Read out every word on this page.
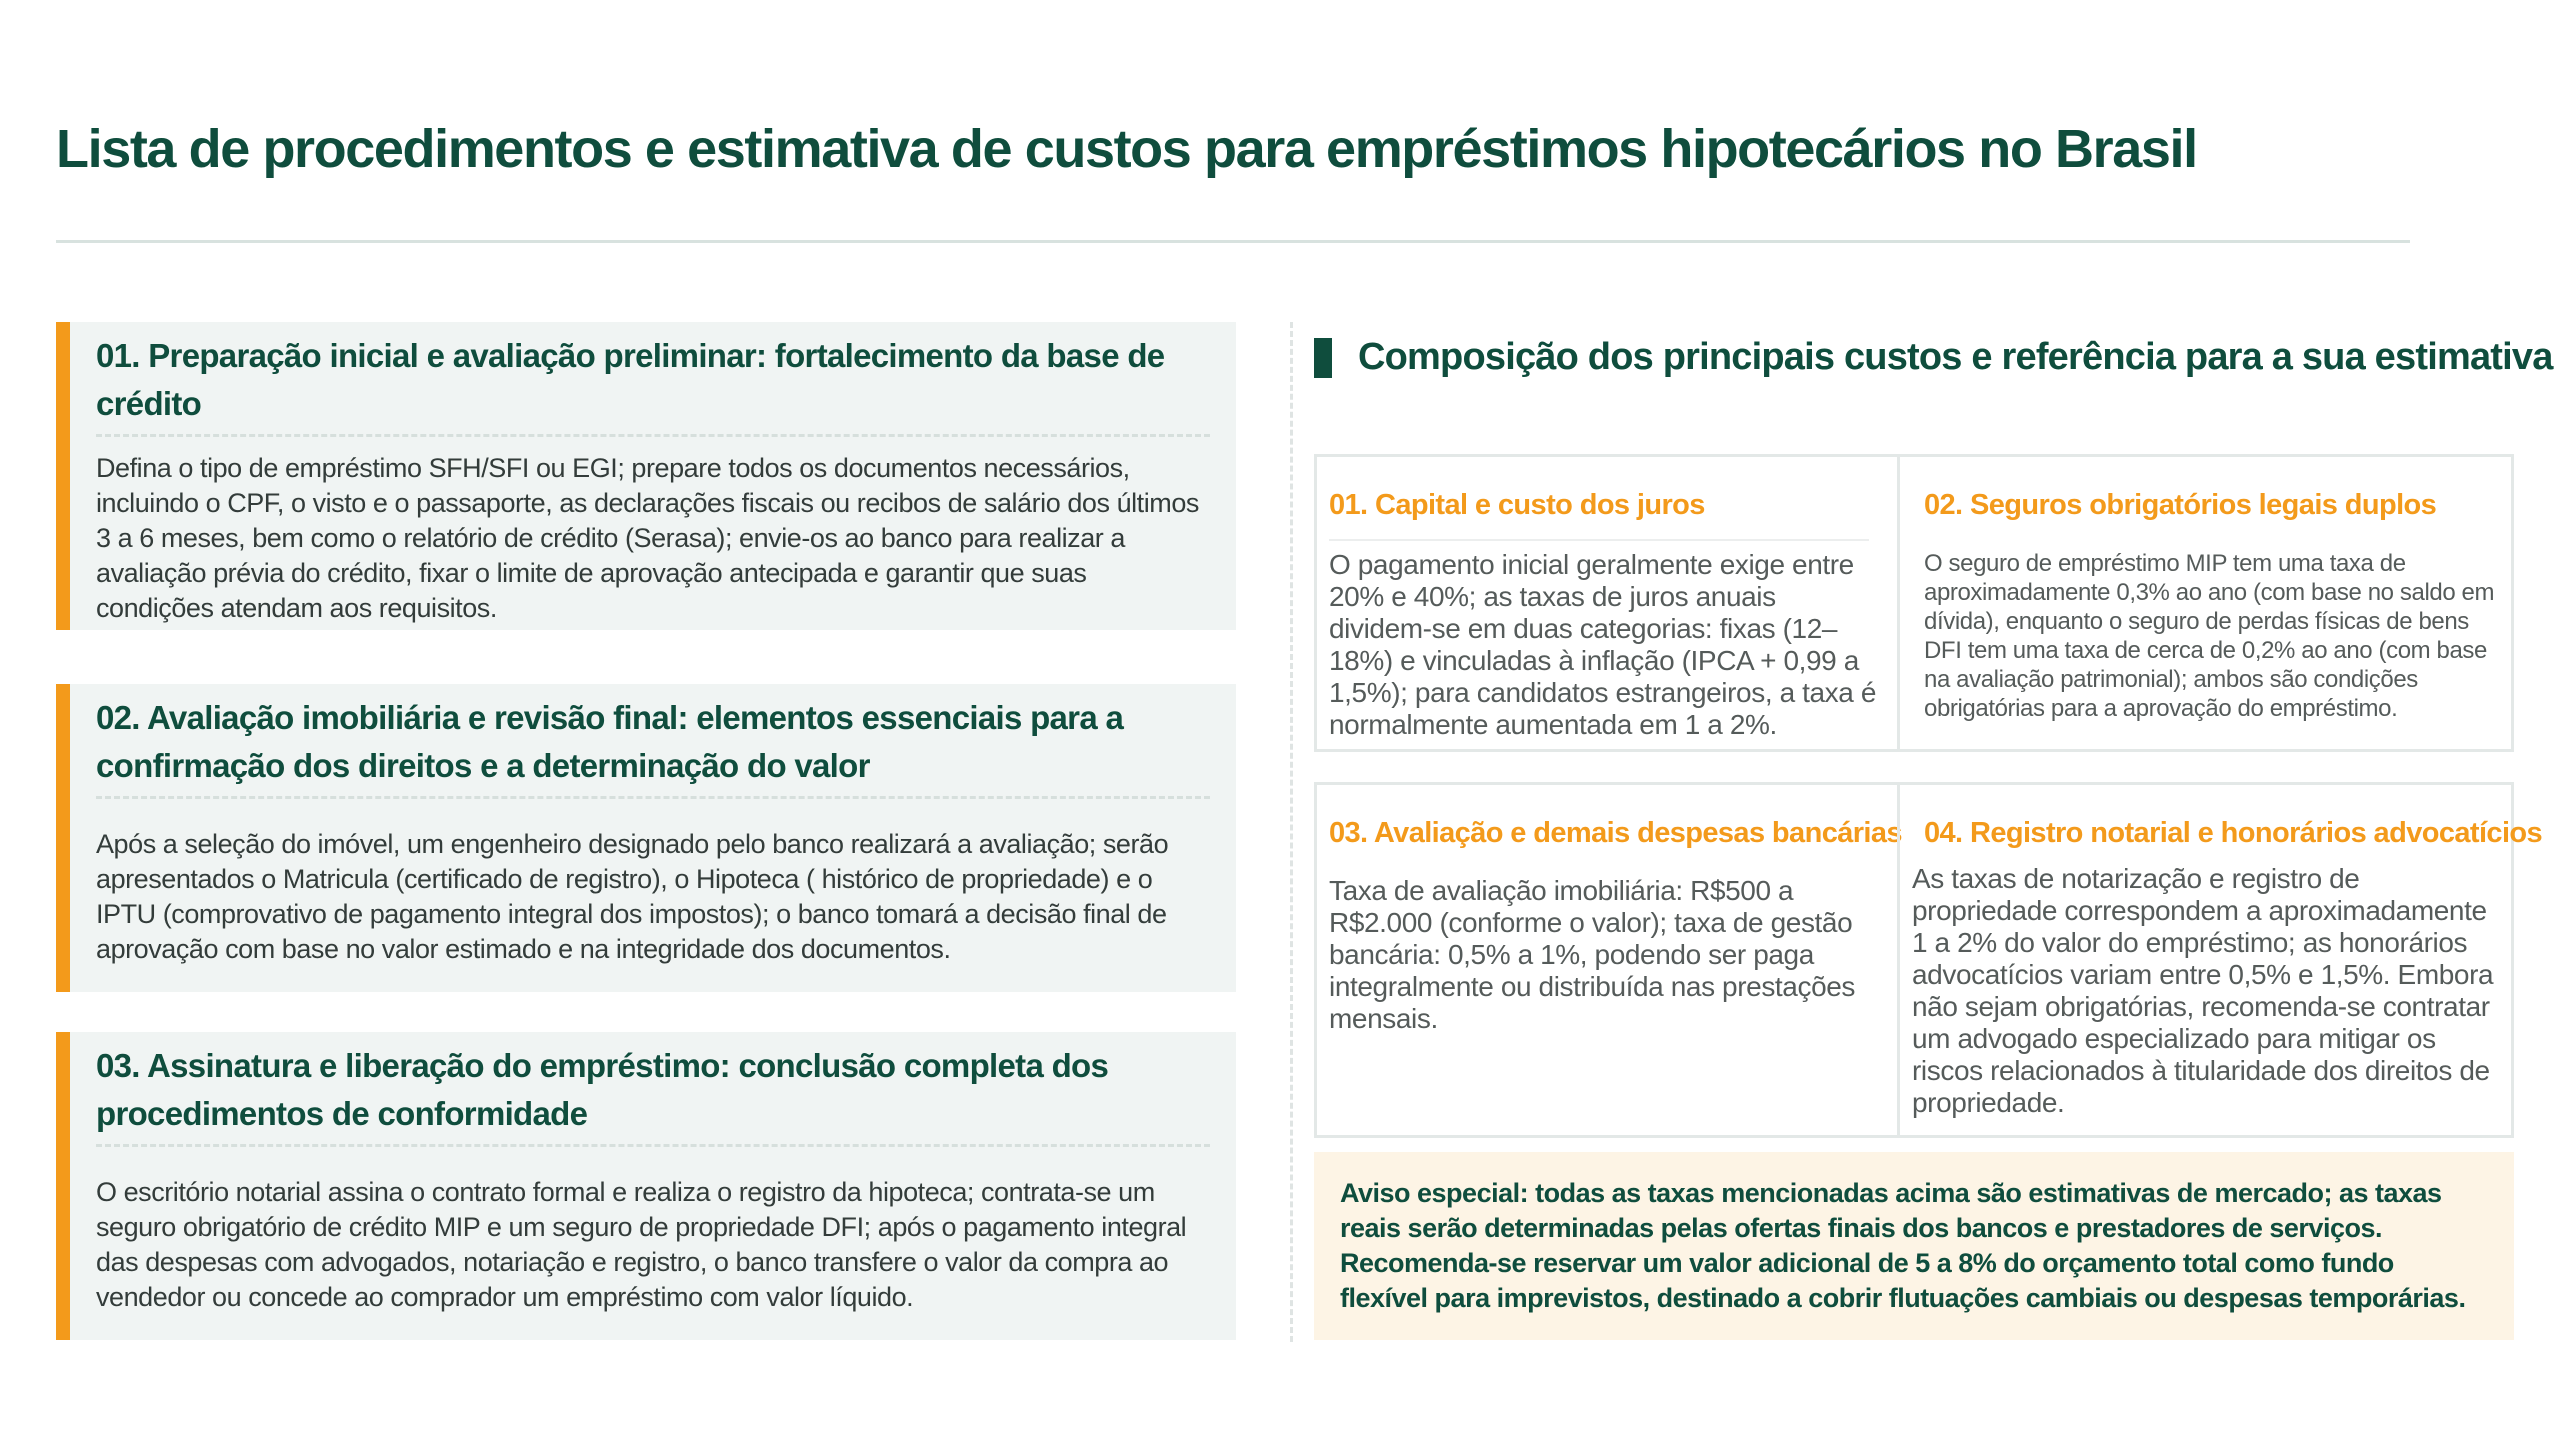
Lista de procedimentos e estimativa de custos para empréstimos hipotecários no Brasil
01. Preparação inicial e avaliação preliminar: fortalecimento da base de crédito
Defina o tipo de empréstimo SFH/SFI ou EGI; prepare todos os documentos necessários, incluindo o CPF, o visto e o passaporte, as declarações fiscais ou recibos de salário dos últimos 3 a 6 meses, bem como o relatório de crédito (Serasa); envie-os ao banco para realizar a avaliação prévia do crédito, fixar o limite de aprovação antecipada e garantir que suas condições atendam aos requisitos.
02. Avaliação imobiliária e revisão final: elementos essenciais para a confirmação dos direitos e a determinação do valor
Após a seleção do imóvel, um engenheiro designado pelo banco realizará a avaliação; serão apresentados o Matricula (certificado de registro), o Hipoteca ( histórico de propriedade) e o IPTU (comprovativo de pagamento integral dos impostos); o banco tomará a decisão final de aprovação com base no valor estimado e na integridade dos documentos.
03. Assinatura e liberação do empréstimo: conclusão completa dos procedimentos de conformidade
O escritório notarial assina o contrato formal e realiza o registro da hipoteca; contrata-se um seguro obrigatório de crédito MIP e um seguro de propriedade DFI; após o pagamento integral das despesas com advogados, notariação e registro, o banco transfere o valor da compra ao vendedor ou concede ao comprador um empréstimo com valor líquido.
Composição dos principais custos e referência para a sua estimativa
01. Capital e custo dos juros
O pagamento inicial geralmente exige entre 20% e 40%; as taxas de juros anuais dividem-se em duas categorias: fixas (12–18%) e vinculadas à inflação (IPCA + 0,99 a 1,5%); para candidatos estrangeiros, a taxa é normalmente aumentada em 1 a 2%.
02. Seguros obrigatórios legais duplos
O seguro de empréstimo MIP tem uma taxa de aproximadamente 0,3% ao ano (com base no saldo em dívida), enquanto o seguro de perdas físicas de bens DFI tem uma taxa de cerca de 0,2% ao ano (com base na avaliação patrimonial); ambos são condições obrigatórias para a aprovação do empréstimo.
03. Avaliação e demais despesas bancárias
Taxa de avaliação imobiliária: R$500 a R$2.000 (conforme o valor); taxa de gestão bancária: 0,5% a 1%, podendo ser paga integralmente ou distribuída nas prestações mensais.
04. Registro notarial e honorários advocatícios
As taxas de notarização e registro de propriedade correspondem a aproximadamente 1 a 2% do valor do empréstimo; as honorários advocatícios variam entre 0,5% e 1,5%. Embora não sejam obrigatórias, recomenda-se contratar um advogado especializado para mitigar os riscos relacionados à titularidade dos direitos de propriedade.
Aviso especial: todas as taxas mencionadas acima são estimativas de mercado; as taxas reais serão determinadas pelas ofertas finais dos bancos e prestadores de serviços. Recomenda-se reservar um valor adicional de 5 a 8% do orçamento total como fundo flexível para imprevistos, destinado a cobrir flutuações cambiais ou despesas temporárias.
